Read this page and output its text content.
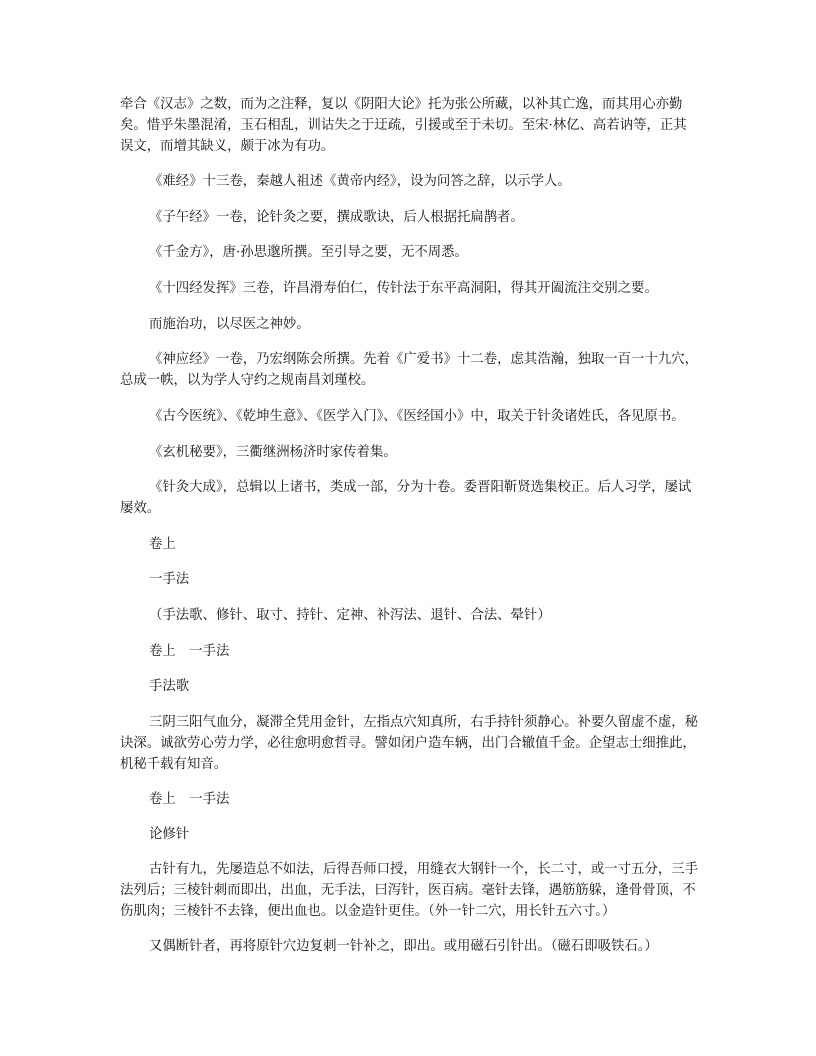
牵合《汉志》之数，而为之注释，复以《阴阳大论》托为张公所藏，以补其亡逸，而其用心亦勤矣。惜乎朱墨混淆，玉石相乱，训诂失之于迂疏，引援或至于未切。至宋·林亿、高若讷等，正其误文，而增其缺义，颇于冰为有功。

《难经》十三卷，秦越人祖述《黄帝内经》，设为问答之辞，以示学人。

《子午经》一卷，论针灸之要，撰成歌诀，后人根据托扁鹊者。

《千金方》，唐·孙思邈所撰。至引导之要，无不周悉。

《十四经发挥》三卷，许昌滑寿伯仁，传针法于东平高洞阳，得其开阖流注交别之要。

而施治功，以尽医之神妙。

《神应经》一卷，乃宏纲陈会所撰。先着《广爱书》十二卷，虑其浩瀚，独取一百一十九穴，总成一帙，以为学人守约之规南昌刘瑾校。

《古今医统》、《乾坤生意》、《医学入门》、《医经国小》中，取关于针灸诸姓氏，各见原书。

《玄机秘要》，三衢继洲杨济时家传着集。

《针灸大成》，总辑以上诸书，类成一部，分为十卷。委晋阳靳贤选集校正。后人习学，屡试屡效。

卷上

一手法

（手法歌、修针、取寸、持针、定神、补泻法、退针、合法、晕针）

卷上　一手法

手法歌

三阴三阳气血分，凝滞全凭用金针，左指点穴知真所，右手持针须静心。补要久留虚不虚，秘诀深。诚欲劳心劳力学，必往愈明愈哲寻。譬如闭户造车辆，出门合辙值千金。企望志士细推此，机秘千载有知音。

卷上　一手法

论修针

古针有九，先屡造总不如法，后得吾师口授，用缝衣大钢针一个，长二寸，或一寸五分，三手法列后；三棱针刺而即出，出血，无手法，曰泻针，医百病。毫针去锋，遇筋筋躲，逢骨骨顶，不伤肌肉；三棱针不去锋，便出血也。以金造针更佳。（外一针二穴，用长针五六寸。）

又偶断针者，再将原针穴边复刺一针补之，即出。或用磁石引针出。（磁石即吸铁石。）
